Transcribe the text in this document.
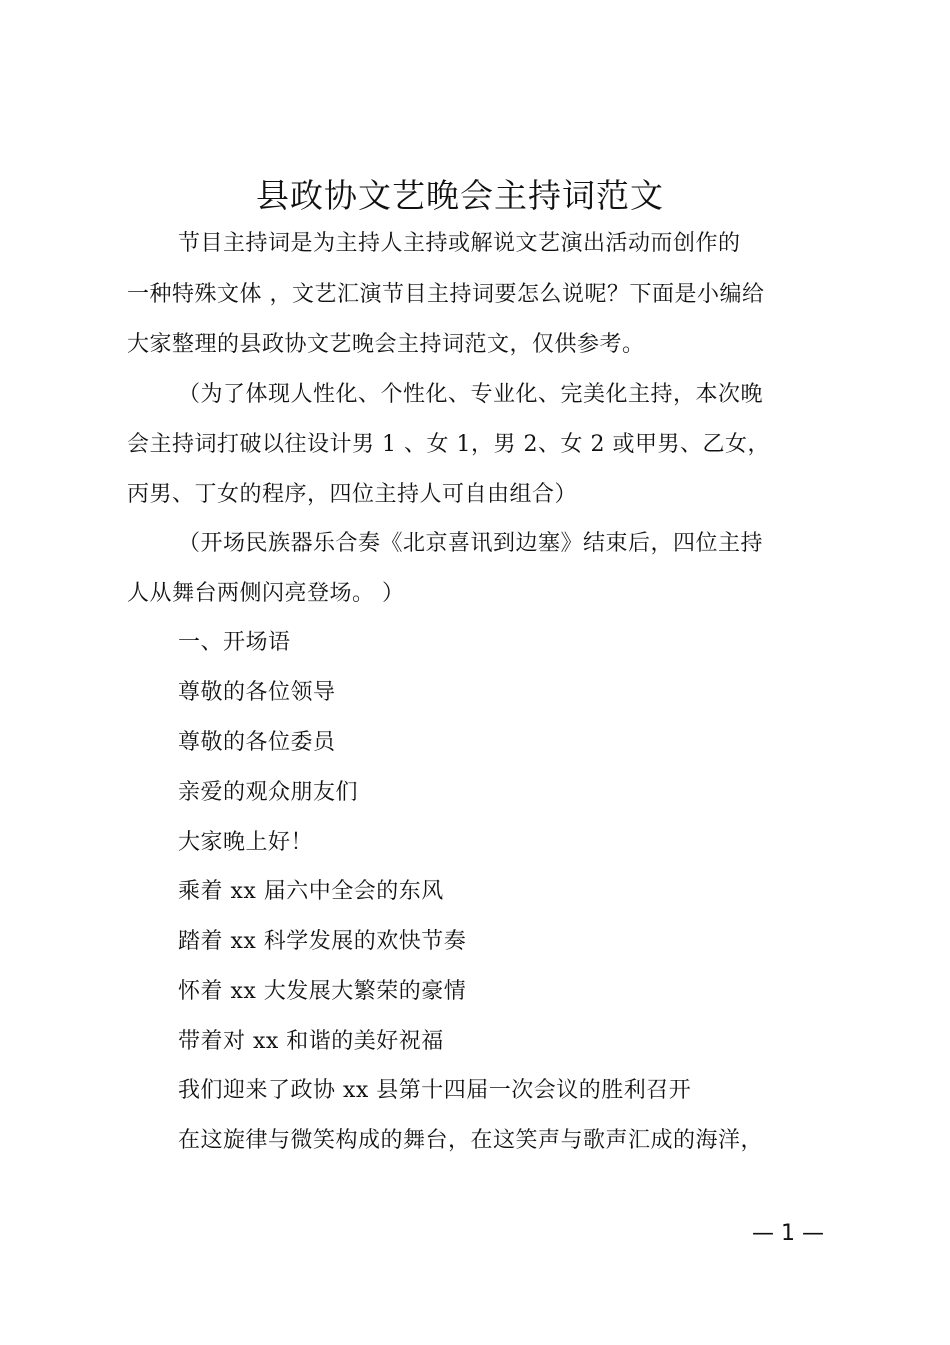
县政协文艺晚会主持词范文
节目主持词是为主持人主持或解说文艺演出活动而创作的
一种特殊文体 ，文艺汇演节目主持词要怎么说呢？下面是小编给
大家整理的县政协文艺晚会主持词范文，仅供参考。
（为了体现人性化、个性化、专业化、完美化主持，本次晚
会主持词打破以往设计男 1 、女 1，男 2、女 2 或甲男、乙女，
丙男、丁女的程序，四位主持人可自由组合）
（开场民族器乐合奏《北京喜讯到边塞》结束后，四位主持
人从舞台两侧闪亮登场。 ）
一、开场语
尊敬的各位领导
尊敬的各位委员
亲爱的观众朋友们
大家晚上好！
乘着 xx 届六中全会的东风
踏着 xx 科学发展的欢快节奏
怀着 xx 大发展大繁荣的豪情
带着对 xx 和谐的美好祝福
我们迎来了政协 xx 县第十四届一次会议的胜利召开
在这旋律与微笑构成的舞台，在这笑声与歌声汇成的海洋，
— 1 —
